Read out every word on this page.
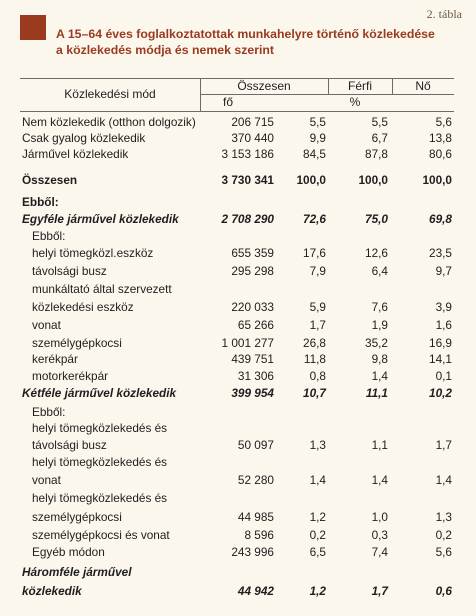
2. tábla
A 15–64 éves foglalkoztatottak munkahelyre történő közlekedése
a közlekedés módja és nemek szerint
Közlekedési mód
Összesen	Férfi	Nő
fő	%
Nem közlekedik (otthon dolgozik)	206 715	5,5	5,5	5,6
Csak gyalog közlekedik	370 440	9,9	6,7	13,8
Járművel közlekedik	3 153 186	84,5	87,8	80,6
Összesen	3 730 341	100,0	100,0	100,0
Ebből:
Egyféle járművel közlekedik	2 708 290	72,6	75,0	69,8
Ebből:
helyi tömegközl.eszköz	655 359	17,6	12,6	23,5
távolsági busz	295 298	7,9	6,4	9,7
munkáltató által szervezett
közlekedési eszköz	220 033	5,9	7,6	3,9
vonat	65 266	1,7	1,9	1,6
személygépkocsi	1 001 277	26,8	35,2	16,9
kerékpár	439 751	11,8	9,8	14,1
motorkerékpár	31 306	0,8	1,4	0,1
Kétféle járművel közlekedik	399 954	10,7	11,1	10,2
Ebből:
helyi tömegközlekedés és
távolsági busz	50 097	1,3	1,1	1,7
helyi tömegközlekedés és
vonat	52 280	1,4	1,4	1,4
helyi tömegközlekedés és
személygépkocsi	44 985	1,2	1,0	1,3
személygépkocsi és vonat	8 596	0,2	0,3	0,2
Egyéb módon	243 996	6,5	7,4	5,6
Háromféle járművel
közlekedik	44 942	1,2	1,7	0,6
